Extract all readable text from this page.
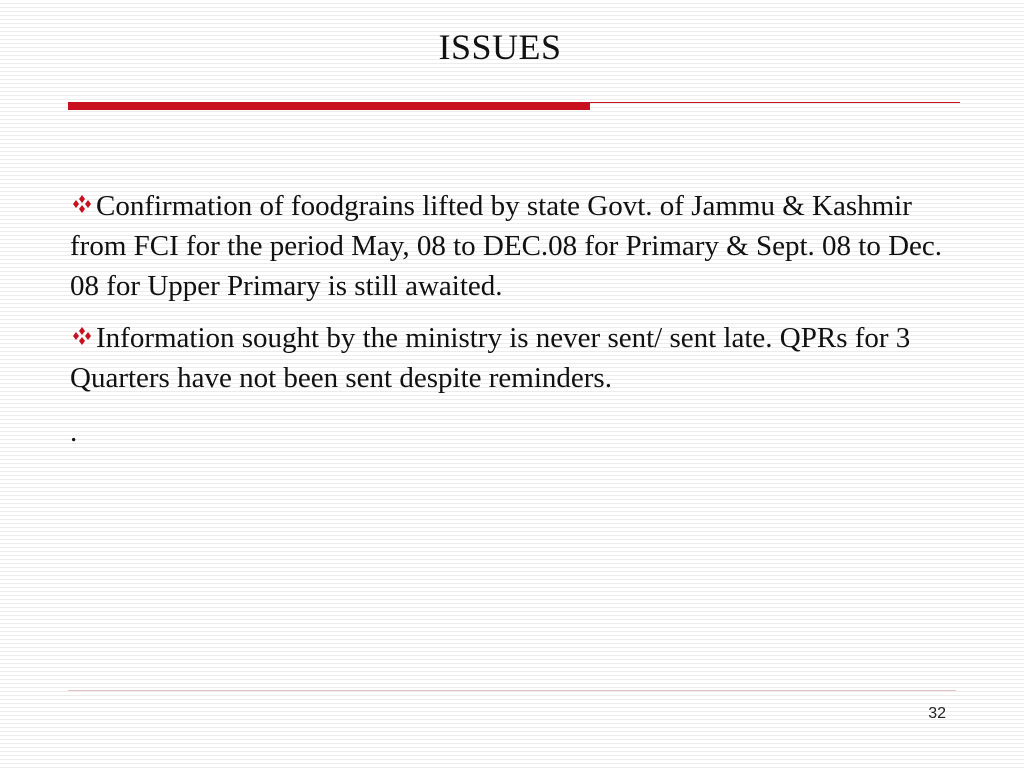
ISSUES

Confirmation of foodgrains lifted by state Govt. of Jammu & Kashmir from FCI for the period May, 08 to DEC.08 for Primary & Sept. 08 to Dec. 08 for Upper Primary is still awaited.

Information sought by the ministry is never sent/ sent late. QPRs for 3 Quarters have not been sent despite reminders.

.

32
